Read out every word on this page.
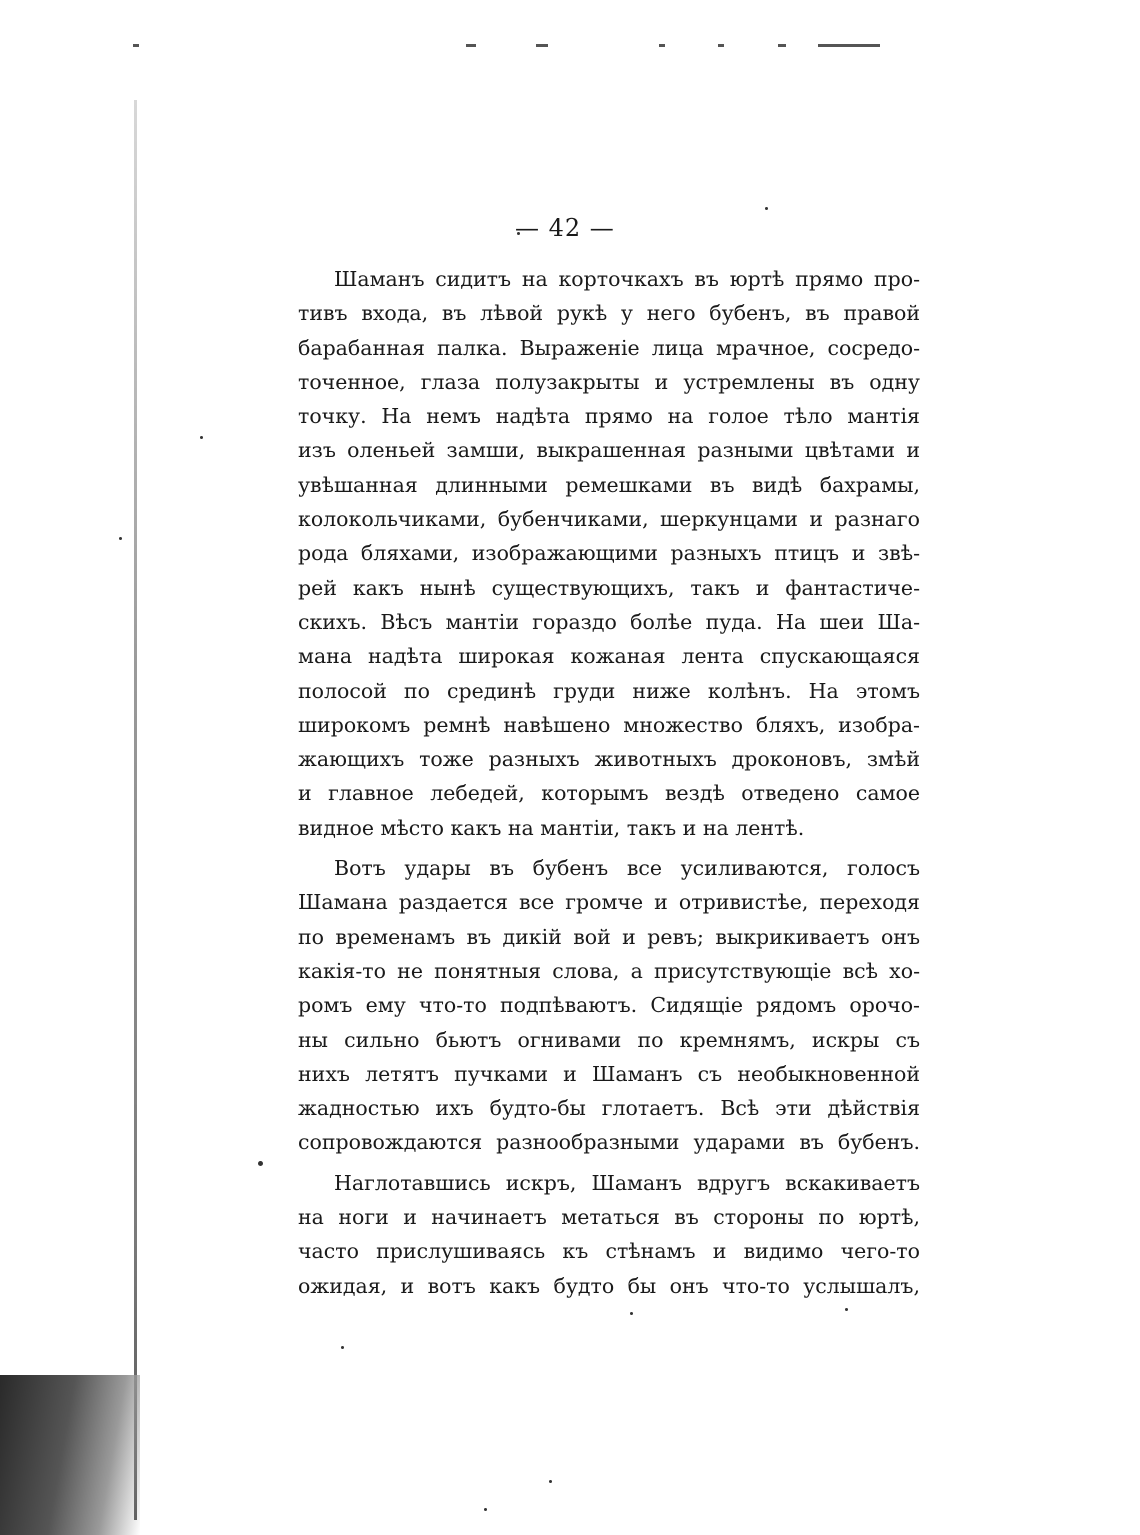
— 42 —
Шаманъ сидитъ на корточкахъ въ юртѣ прямо про-
тивъ входа, въ лѣвой рукѣ у него бубенъ, въ правой
барабанная палка. Выраженіе лица мрачное, сосредо-
точенное, глаза полузакрыты и устремлены въ одну
точку. На немъ надѣта прямо на голое тѣло мантія
изъ оленьей замши, выкрашенная разными цвѣтами и
увѣшанная длинными ремешками въ видѣ бахрамы,
колокольчиками, бубенчиками, шеркунцами и разнаго
рода бляхами, изображающими разныхъ птицъ и звѣ-
рей какъ нынѣ существующихъ, такъ и фантастиче-
скихъ. Вѣсъ мантіи гораздо болѣе пуда. На шеи Ша-
мана надѣта широкая кожаная лента спускающаяся
полосой по срединѣ груди ниже колѣнъ. На этомъ
широкомъ ремнѣ навѣшено множество бляхъ, изобра-
жающихъ тоже разныхъ животныхъ дроконовъ, змѣй
и главное лебедей, которымъ вездѣ отведено самое
видное мѣсто какъ на мантіи, такъ и на лентѣ.
Вотъ удары въ бубенъ все усиливаются, голосъ
Шамана раздается все громче и отривистѣе, переходя
по временамъ въ дикій вой и ревъ; выкрикиваетъ онъ
какія-то не понятныя слова, а присутствующіе всѣ хо-
ромъ ему что-то подпѣваютъ. Сидящіе рядомъ орочо-
ны сильно бьютъ огнивами по кремнямъ, искры съ
нихъ летятъ пучками и Шаманъ съ необыкновенной
жадностью ихъ будто-бы глотаетъ. Всѣ эти дѣйствія
сопровождаются разнообразными ударами въ бубенъ.
Наглотавшись искръ, Шаманъ вдругъ вскакиваетъ
на ноги и начинаетъ метаться въ стороны по юртѣ,
часто прислушиваясь къ стѣнамъ и видимо чего-то
ожидая, и вотъ какъ будто бы онъ что-то услышалъ,
